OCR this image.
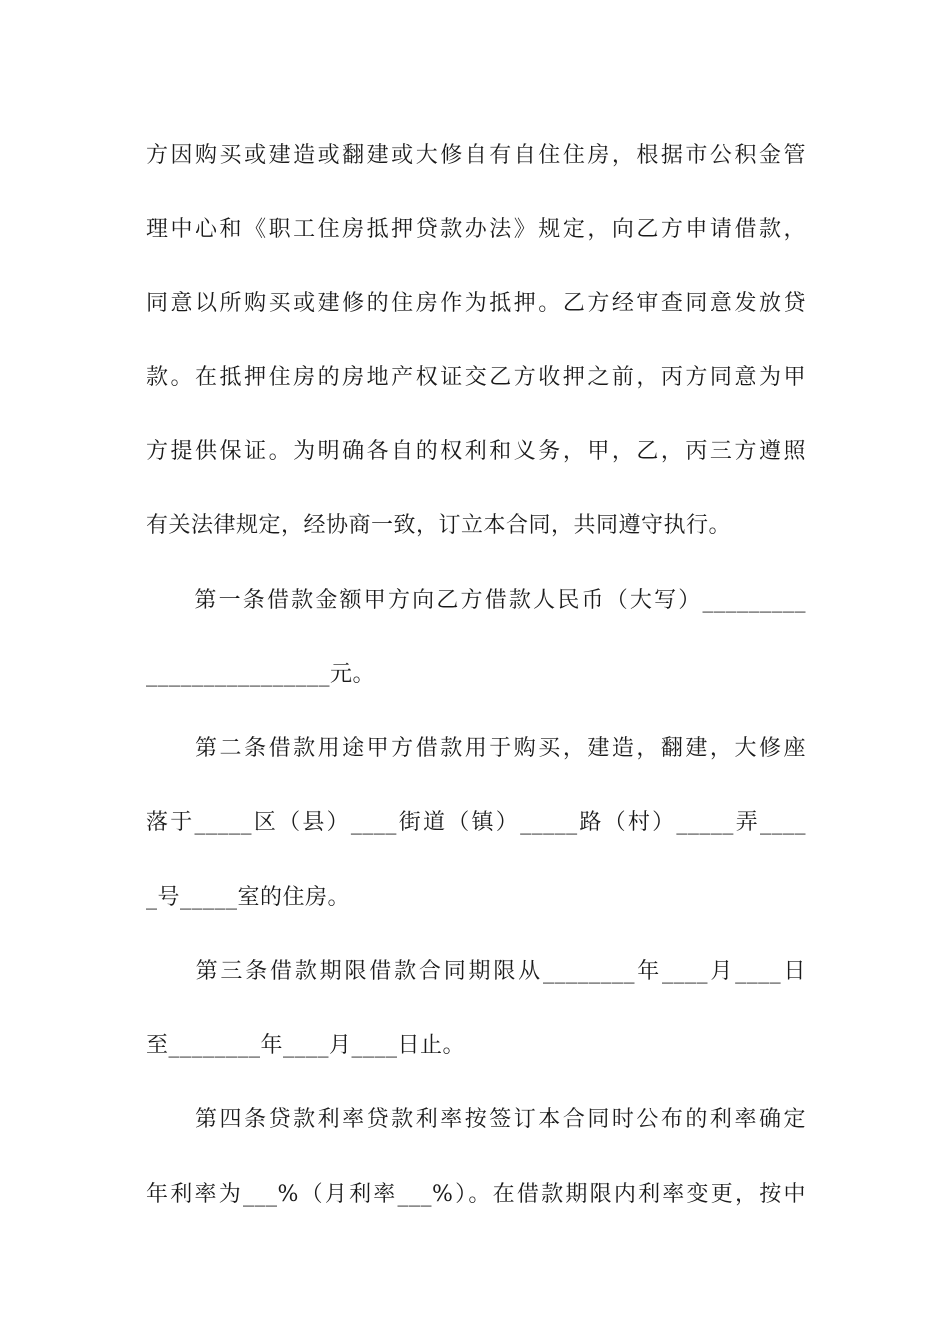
方因购买或建造或翻建或大修自有自住住房，根据市公积金管
理中心和《职工住房抵押贷款办法》规定，向乙方申请借款，
同意以所购买或建修的住房作为抵押。乙方经审查同意发放贷
款。在抵押住房的房地产权证交乙方收押之前，丙方同意为甲
方提供保证。为明确各自的权利和义务，甲，乙，丙三方遵照
有关法律规定，经协商一致，订立本合同，共同遵守执行。
　　第一条借款金额甲方向乙方借款人民币（大写）_________
________________元。
　　第二条借款用途甲方借款用于购买，建造，翻建，大修座
落于_____区（县）____街道（镇）_____路（村）_____弄____
_号_____室的住房。
　　第三条借款期限借款合同期限从________年____月____日
至________年____月____日止。
　　第四条贷款利率贷款利率按签订本合同时公布的利率确定
年利率为___%（月利率___%）。在借款期限内利率变更，按中
